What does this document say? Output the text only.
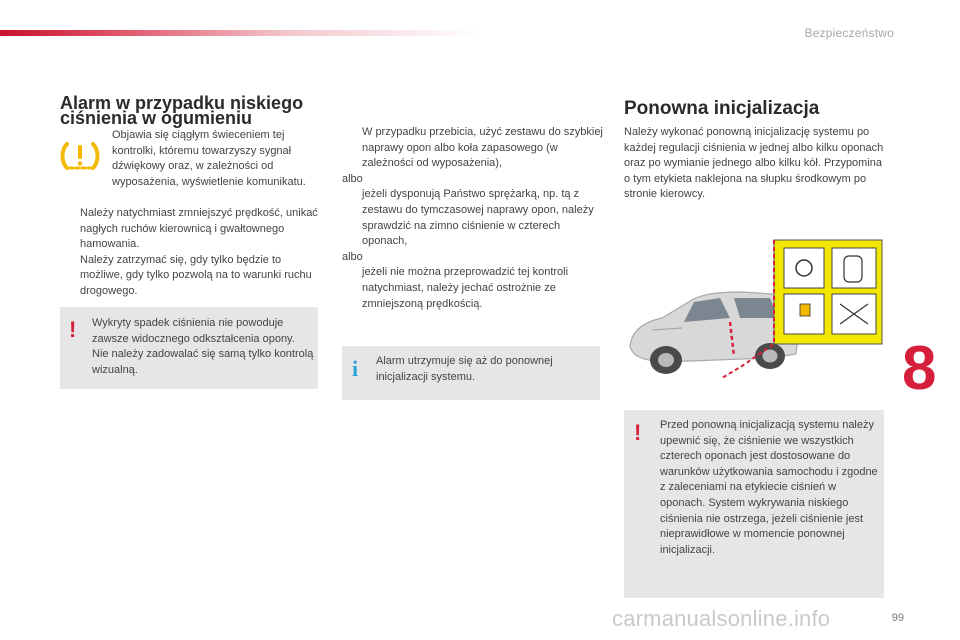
Bezpieczeństwo
Alarm w przypadku niskiego ciśnienia w ogumieniu
Objawia się ciągłym świeceniem tej kontrolki, któremu towarzyszy sygnał dźwiękowy oraz, w zależności od wyposażenia, wyświetlenie komunikatu.
Należy natychmiast zmniejszyć prędkość, unikać nagłych ruchów kierownicą i gwałtownego hamowania.
Należy zatrzymać się, gdy tylko będzie to możliwe, gdy tylko pozwolą na to warunki ruchu drogowego.
! Wykryty spadek ciśnienia nie powoduje zawsze widocznego odkształcenia opony. Nie należy zadowalać się samą tylko kontrolą wizualną.
W przypadku przebicia, użyć zestawu do szybkiej naprawy opon albo koła zapasowego (w zależności od wyposażenia),
albo
jeżeli dysponują Państwo sprężarką, np. tą z zestawu do tymczasowej naprawy opon, należy sprawdzić na zimno ciśnienie w czterech oponach,
albo
jeżeli nie można przeprowadzić tej kontroli natychmiast, należy jechać ostrożnie ze zmniejszoną prędkością.
i Alarm utrzymuje się aż do ponownej inicjalizacji systemu.
Ponowna inicjalizacja
Należy wykonać ponowną inicjalizację systemu po każdej regulacji ciśnienia w jednej albo kilku oponach oraz po wymianie jednego albo kilku kół. Przypomina o tym etykieta naklejona na słupku środkowym po stronie kierowcy.
! Przed ponowną inicjalizacją systemu należy upewnić się, że ciśnienie we wszystkich czterech oponach jest dostosowane do warunków użytkowania samochodu i zgodne z zaleceniami na etykiecie ciśnień w oponach. System wykrywania niskiego ciśnienia nie ostrzega, jeżeli ciśnienie jest nieprawidłowe w momencie ponownej inicjalizacji.
8
carmanualsonline.info	99
